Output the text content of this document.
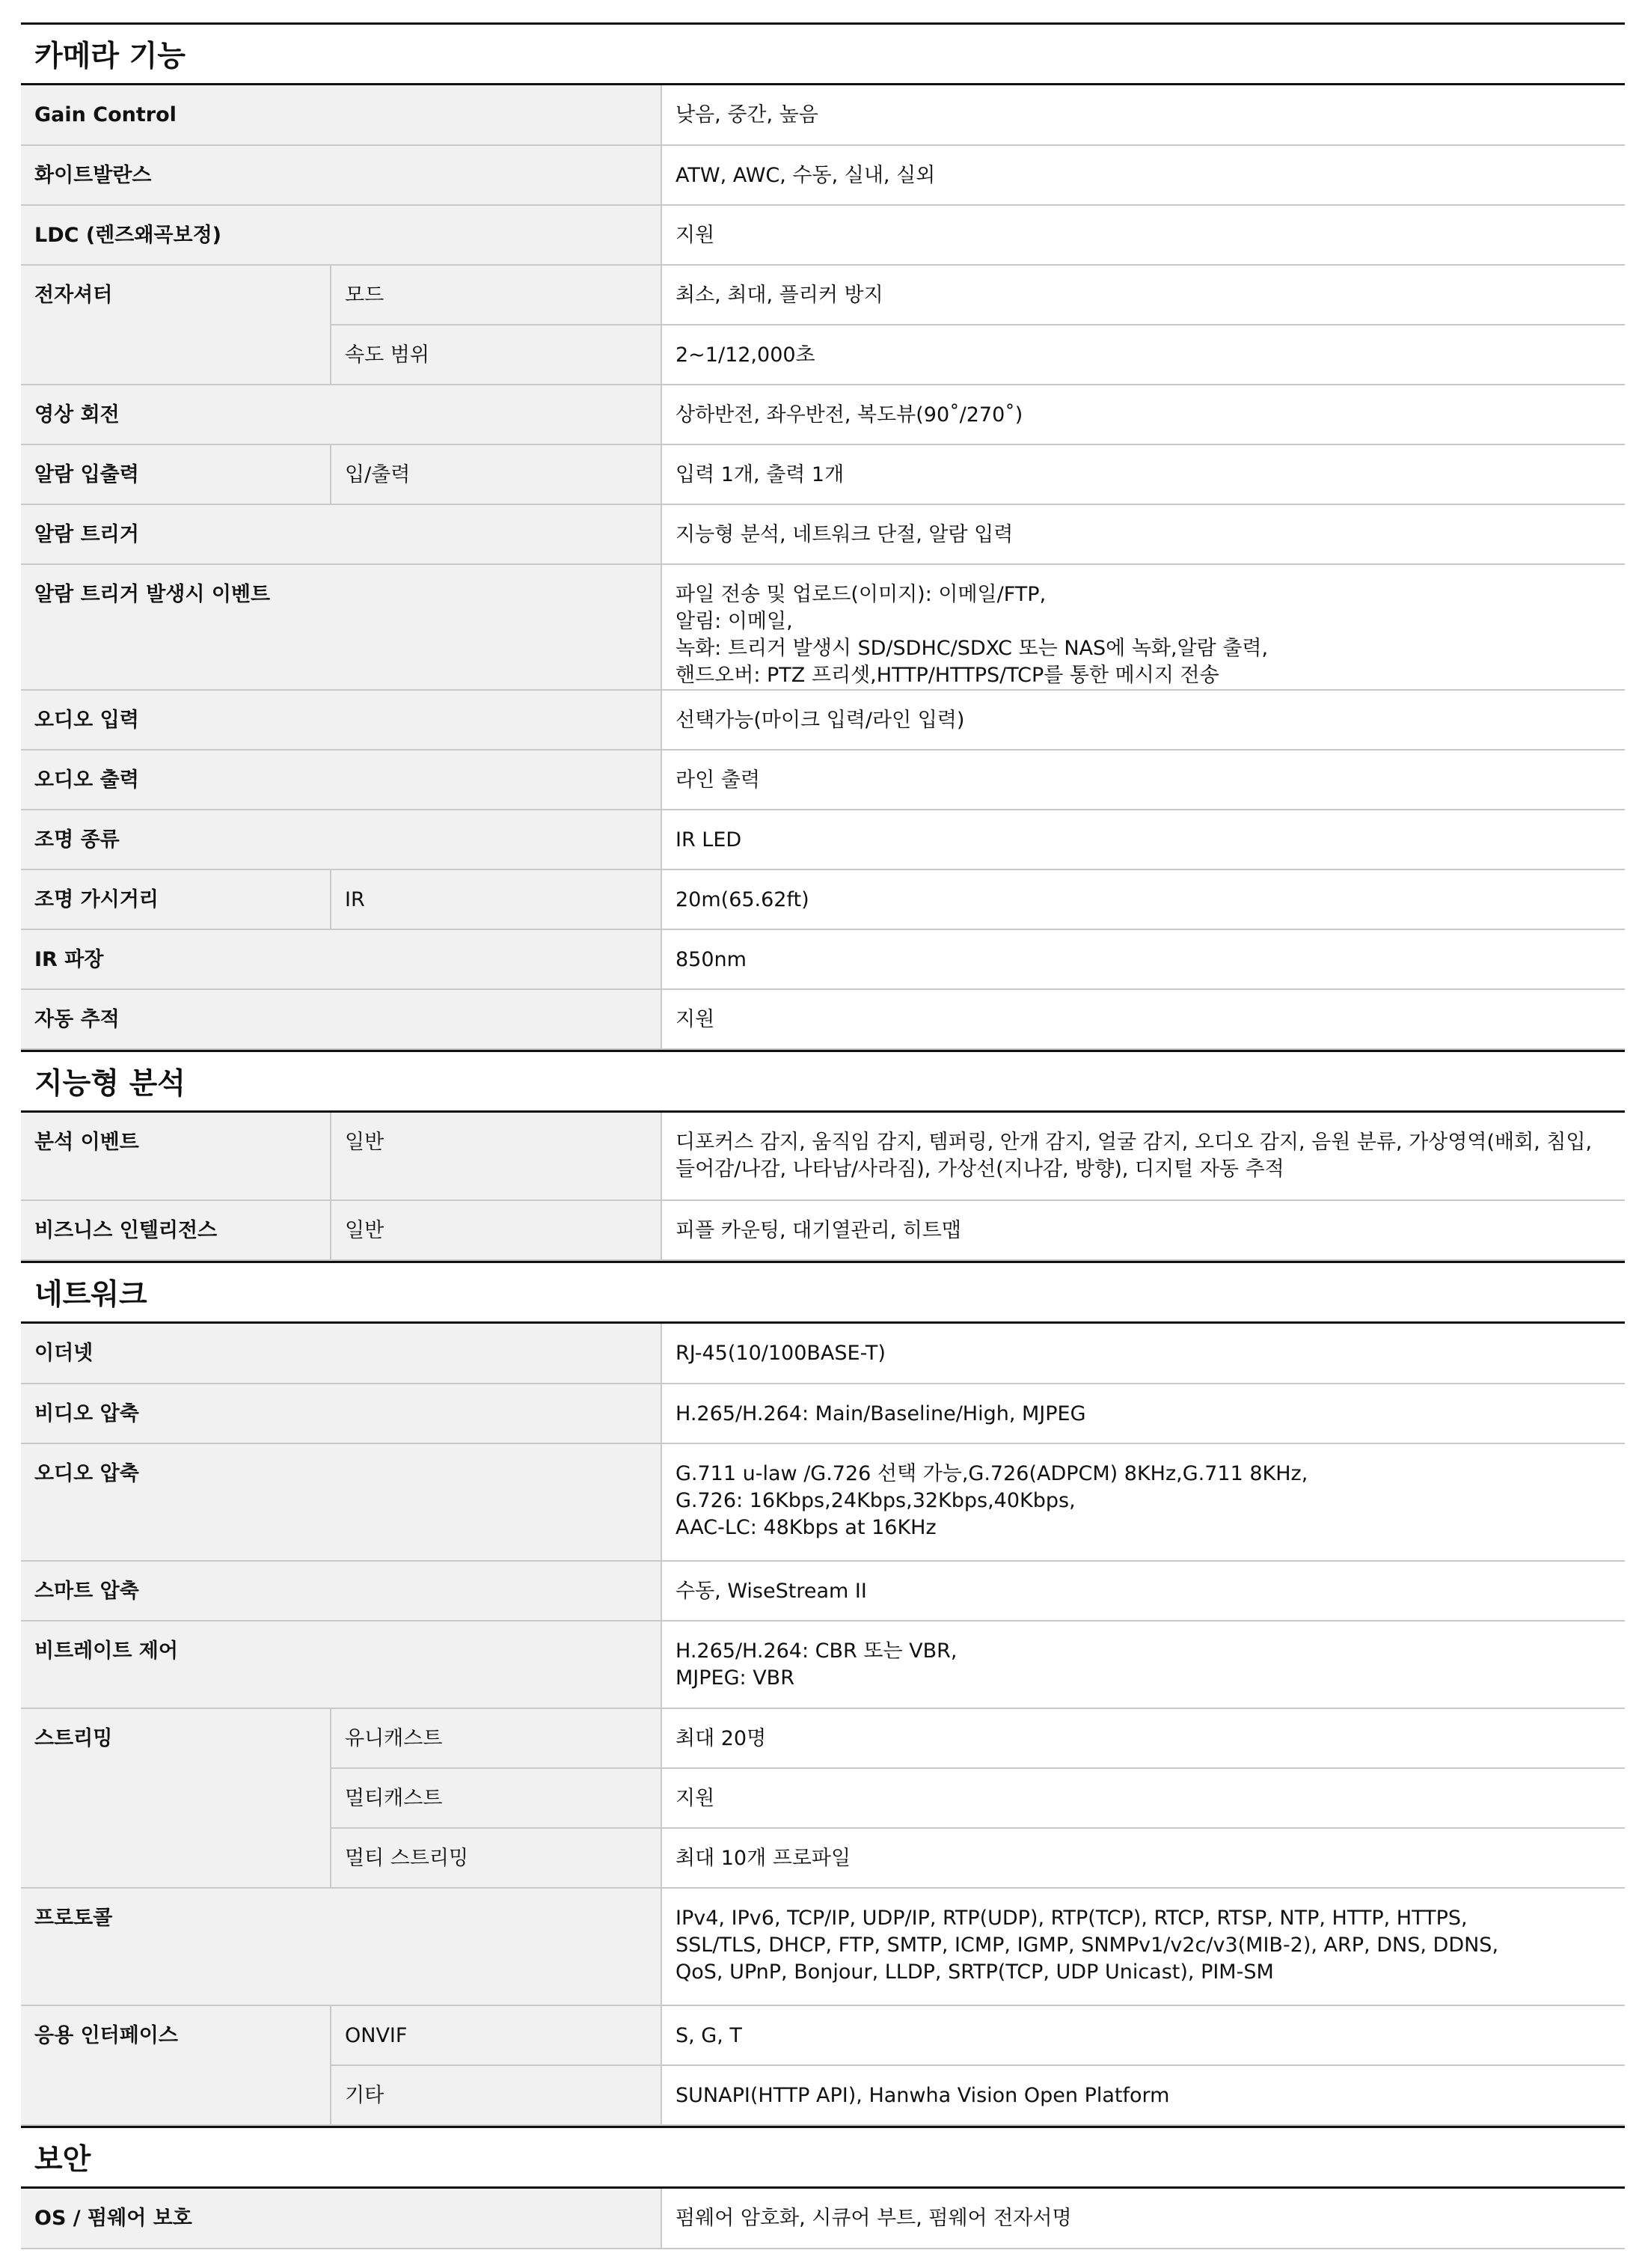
카메라 기능
Gain Control		낮음, 중간, 높음

화이트발란스		ATW, AWC, 수동, 실내, 실외

LDC (렌즈왜곡보정)		지원

전자셔터	모드	최소, 최대, 플리커 방지

	속도 범위	2~1/12,000초

영상 회전		상하반전, 좌우반전, 복도뷰(90˚/270˚)

알람 입출력	입/출력	입력 1개, 출력 1개

알람 트리거		지능형 분석, 네트워크 단절, 알람 입력

알람 트리거 발생시 이벤트		파일 전송 및 업로드(이미지): 이메일/FTP,
알림: 이메일,
녹화: 트리거 발생시 SD/SDHC/SDXC 또는 NAS에 녹화,알람 출력,
핸드오버: PTZ 프리셋,HTTP/HTTPS/TCP를 통한 메시지 전송

오디오 입력		선택가능(마이크 입력/라인 입력)

오디오 출력		라인 출력

조명 종류		IR LED

조명 가시거리	IR	20m(65.62ft)

IR 파장		850nm

자동 추적		지원
지능형 분석
분석 이벤트	일반	디포커스 감지, 움직임 감지, 템퍼링, 안개 감지, 얼굴 감지, 오디오 감지, 음원 분류, 가상영역(배회, 침입, 들어감/나감, 나타남/사라짐), 가상선(지나감, 방향), 디지털 자동 추적

비즈니스 인텔리전스	일반	피플 카운팅, 대기열관리, 히트맵
네트워크
이더넷		RJ-45(10/100BASE-T)

비디오 압축		H.265/H.264: Main/Baseline/High, MJPEG

오디오 압축		G.711 u-law /G.726 선택 가능,G.726(ADPCM) 8KHz,G.711 8KHz,
G.726: 16Kbps,24Kbps,32Kbps,40Kbps,
AAC-LC: 48Kbps at 16KHz

스마트 압축		수동, WiseStream II

비트레이트 제어		H.265/H.264: CBR 또는 VBR,
MJPEG: VBR

스트리밍	유니캐스트	최대 20명

	멀티캐스트	지원

	멀티 스트리밍	최대 10개 프로파일

프로토콜		IPv4, IPv6, TCP/IP, UDP/IP, RTP(UDP), RTP(TCP), RTCP, RTSP, NTP, HTTP, HTTPS,
SSL/TLS, DHCP, FTP, SMTP, ICMP, IGMP, SNMPv1/v2c/v3(MIB-2), ARP, DNS, DDNS,
QoS, UPnP, Bonjour, LLDP, SRTP(TCP, UDP Unicast), PIM-SM

응용 인터페이스	ONVIF	S, G, T

	기타	SUNAPI(HTTP API), Hanwha Vision Open Platform
보안
OS / 펌웨어 보호	펌웨어 암호화, 시큐어 부트, 펌웨어 전자서명
